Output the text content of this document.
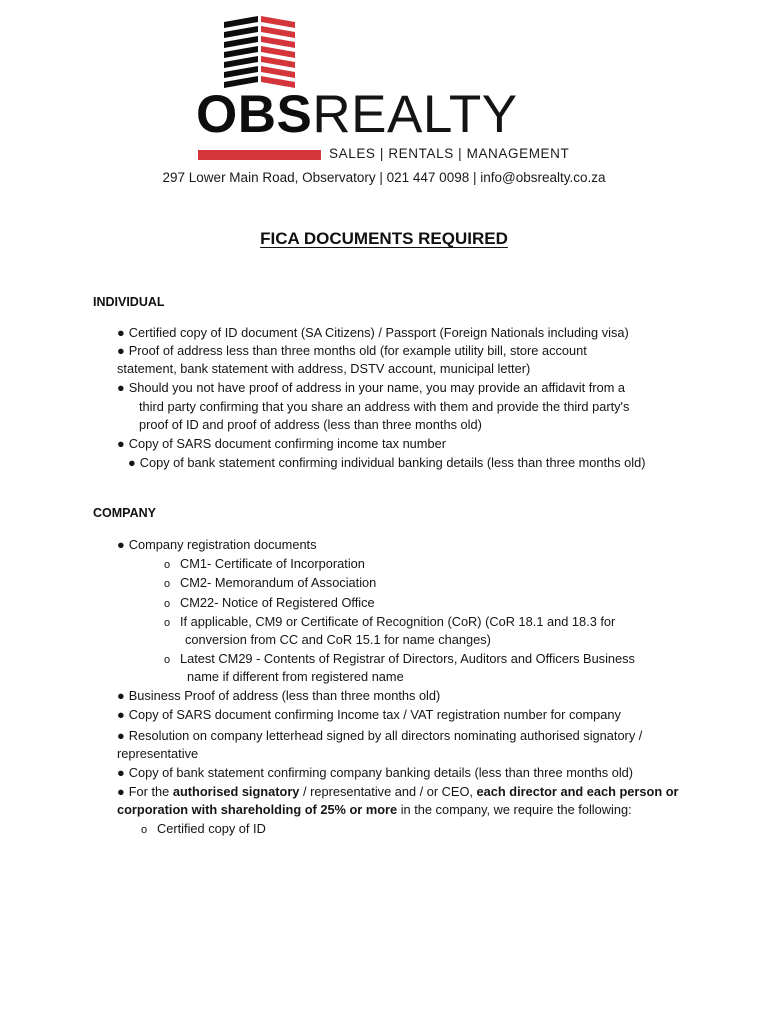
OBSREALTY
SALES | RENTALS | MANAGEMENT
297 Lower Main Road, Observatory | 021 447 0098 | info@obsrealty.co.za
FICA DOCUMENTS REQUIRED
INDIVIDUAL
● Certified copy of ID document (SA Citizens) / Passport (Foreign Nationals including visa)
● Proof of address less than three months old (for example utility bill, store account
statement, bank statement with address, DSTV account, municipal letter)
● Should you not have proof of address in your name, you may provide an affidavit from a
third party confirming that you share an address with them and provide the third party's
proof of ID and proof of address (less than three months old)
● Copy of SARS document confirming income tax number
● Copy of bank statement confirming individual banking details (less than three months old)
COMPANY
● Company registration documents
o CM1- Certificate of Incorporation
o CM2- Memorandum of Association
o CM22- Notice of Registered Office
o If applicable, CM9 or Certificate of Recognition (CoR) (CoR 18.1 and 18.3 for
conversion from CC and CoR 15.1 for name changes)
o Latest CM29 - Contents of Registrar of Directors, Auditors and Officers Business
name if different from registered name
● Business Proof of address (less than three months old)
● Copy of SARS document confirming Income tax / VAT registration number for company
● Resolution on company letterhead signed by all directors nominating authorised signatory /
representative
● Copy of bank statement confirming company banking details (less than three months old)
● For the authorised signatory / representative and / or CEO, each director and each person or
corporation with shareholding of 25% or more in the company, we require the following:
o Certified copy of ID
